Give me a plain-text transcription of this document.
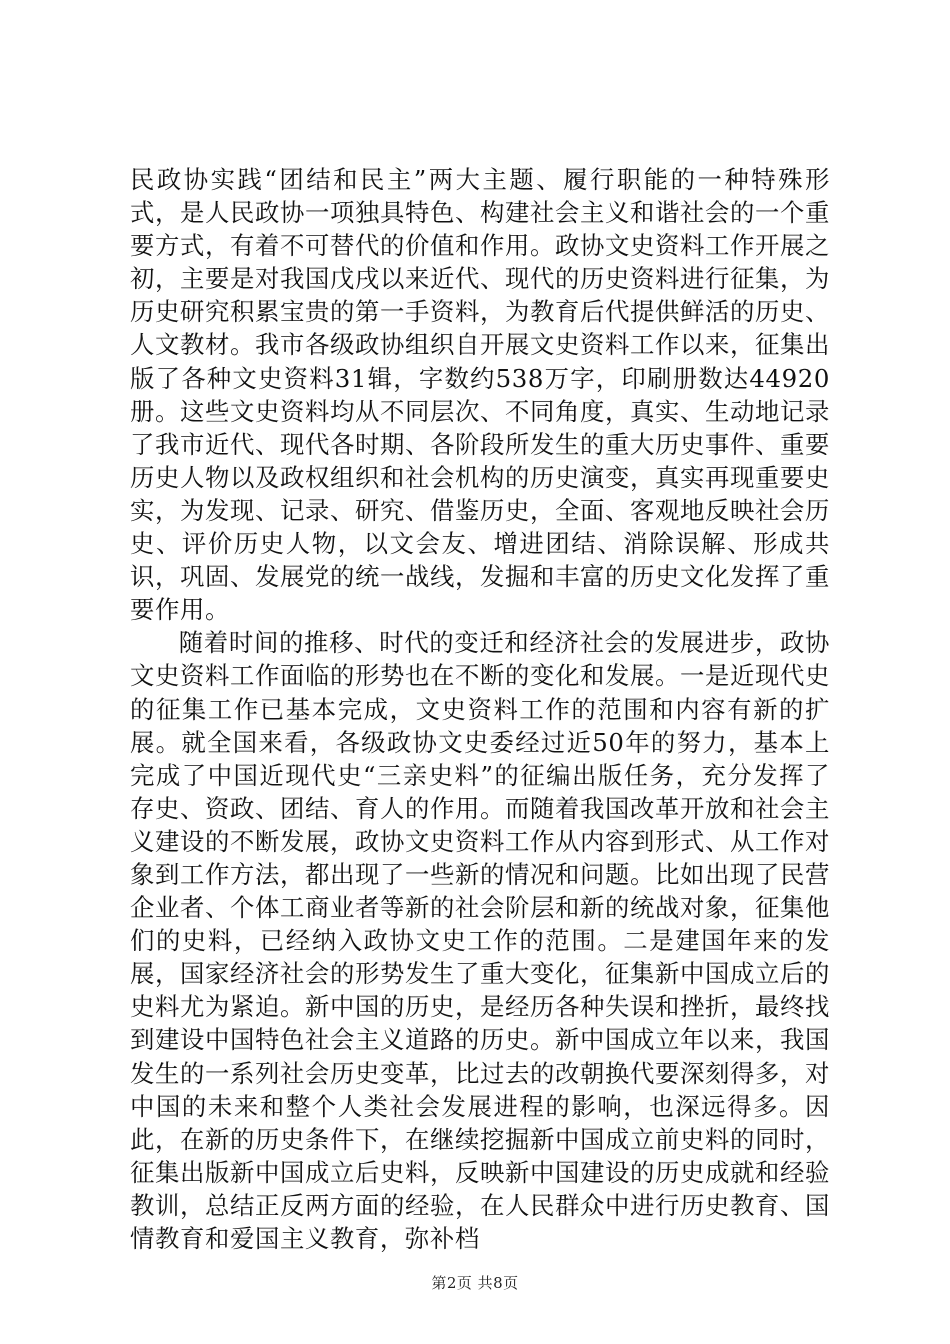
民政协实践“团结和民主”两大主题、履行职能的一种特殊形式，是人民政协一项独具特色、构建社会主义和谐社会的一个重要方式，有着不可替代的价值和作用。政协文史资料工作开展之初，主要是对我国戊戌以来近代、现代的历史资料进行征集，为历史研究积累宝贵的第一手资料，为教育后代提供鲜活的历史、人文教材。我市各级政协组织自开展文史资料工作以来，征集出版了各种文史资料31辑，字数约538万字，印刷册数达44920册。这些文史资料均从不同层次、不同角度，真实、生动地记录了我市近代、现代各时期、各阶段所发生的重大历史事件、重要历史人物以及政权组织和社会机构的历史演变，真实再现重要史实，为发现、记录、研究、借鉴历史，全面、客观地反映社会历史、评价历史人物，以文会友、增进团结、消除误解、形成共识，巩固、发展党的统一战线，发掘和丰富的历史文化发挥了重要作用。

随着时间的推移、时代的变迁和经济社会的发展进步，政协文史资料工作面临的形势也在不断的变化和发展。一是近现代史的征集工作已基本完成，文史资料工作的范围和内容有新的扩展。就全国来看，各级政协文史委经过近50年的努力，基本上完成了中国近现代史“三亲史料”的征编出版任务，充分发挥了存史、资政、团结、育人的作用。而随着我国改革开放和社会主义建设的不断发展，政协文史资料工作从内容到形式、从工作对象到工作方法，都出现了一些新的情况和问题。比如出现了民营企业者、个体工商业者等新的社会阶层和新的统战对象，征集他们的史料，已经纳入政协文史工作的范围。二是建国年来的发展，国家经济社会的形势发生了重大变化，征集新中国成立后的史料尤为紧迫。新中国的历史，是经历各种失误和挫折，最终找到建设中国特色社会主义道路的历史。新中国成立年以来，我国发生的一系列社会历史变革，比过去的改朝换代要深刻得多，对中国的未来和整个人类社会发展进程的影响，也深远得多。因此，在新的历史条件下，在继续挖掘新中国成立前史料的同时，征集出版新中国成立后史料，反映新中国建设的历史成就和经验教训，总结正反两方面的经验，在人民群众中进行历史教育、国情教育和爱国主义教育，弥补档

第2页 共8页
